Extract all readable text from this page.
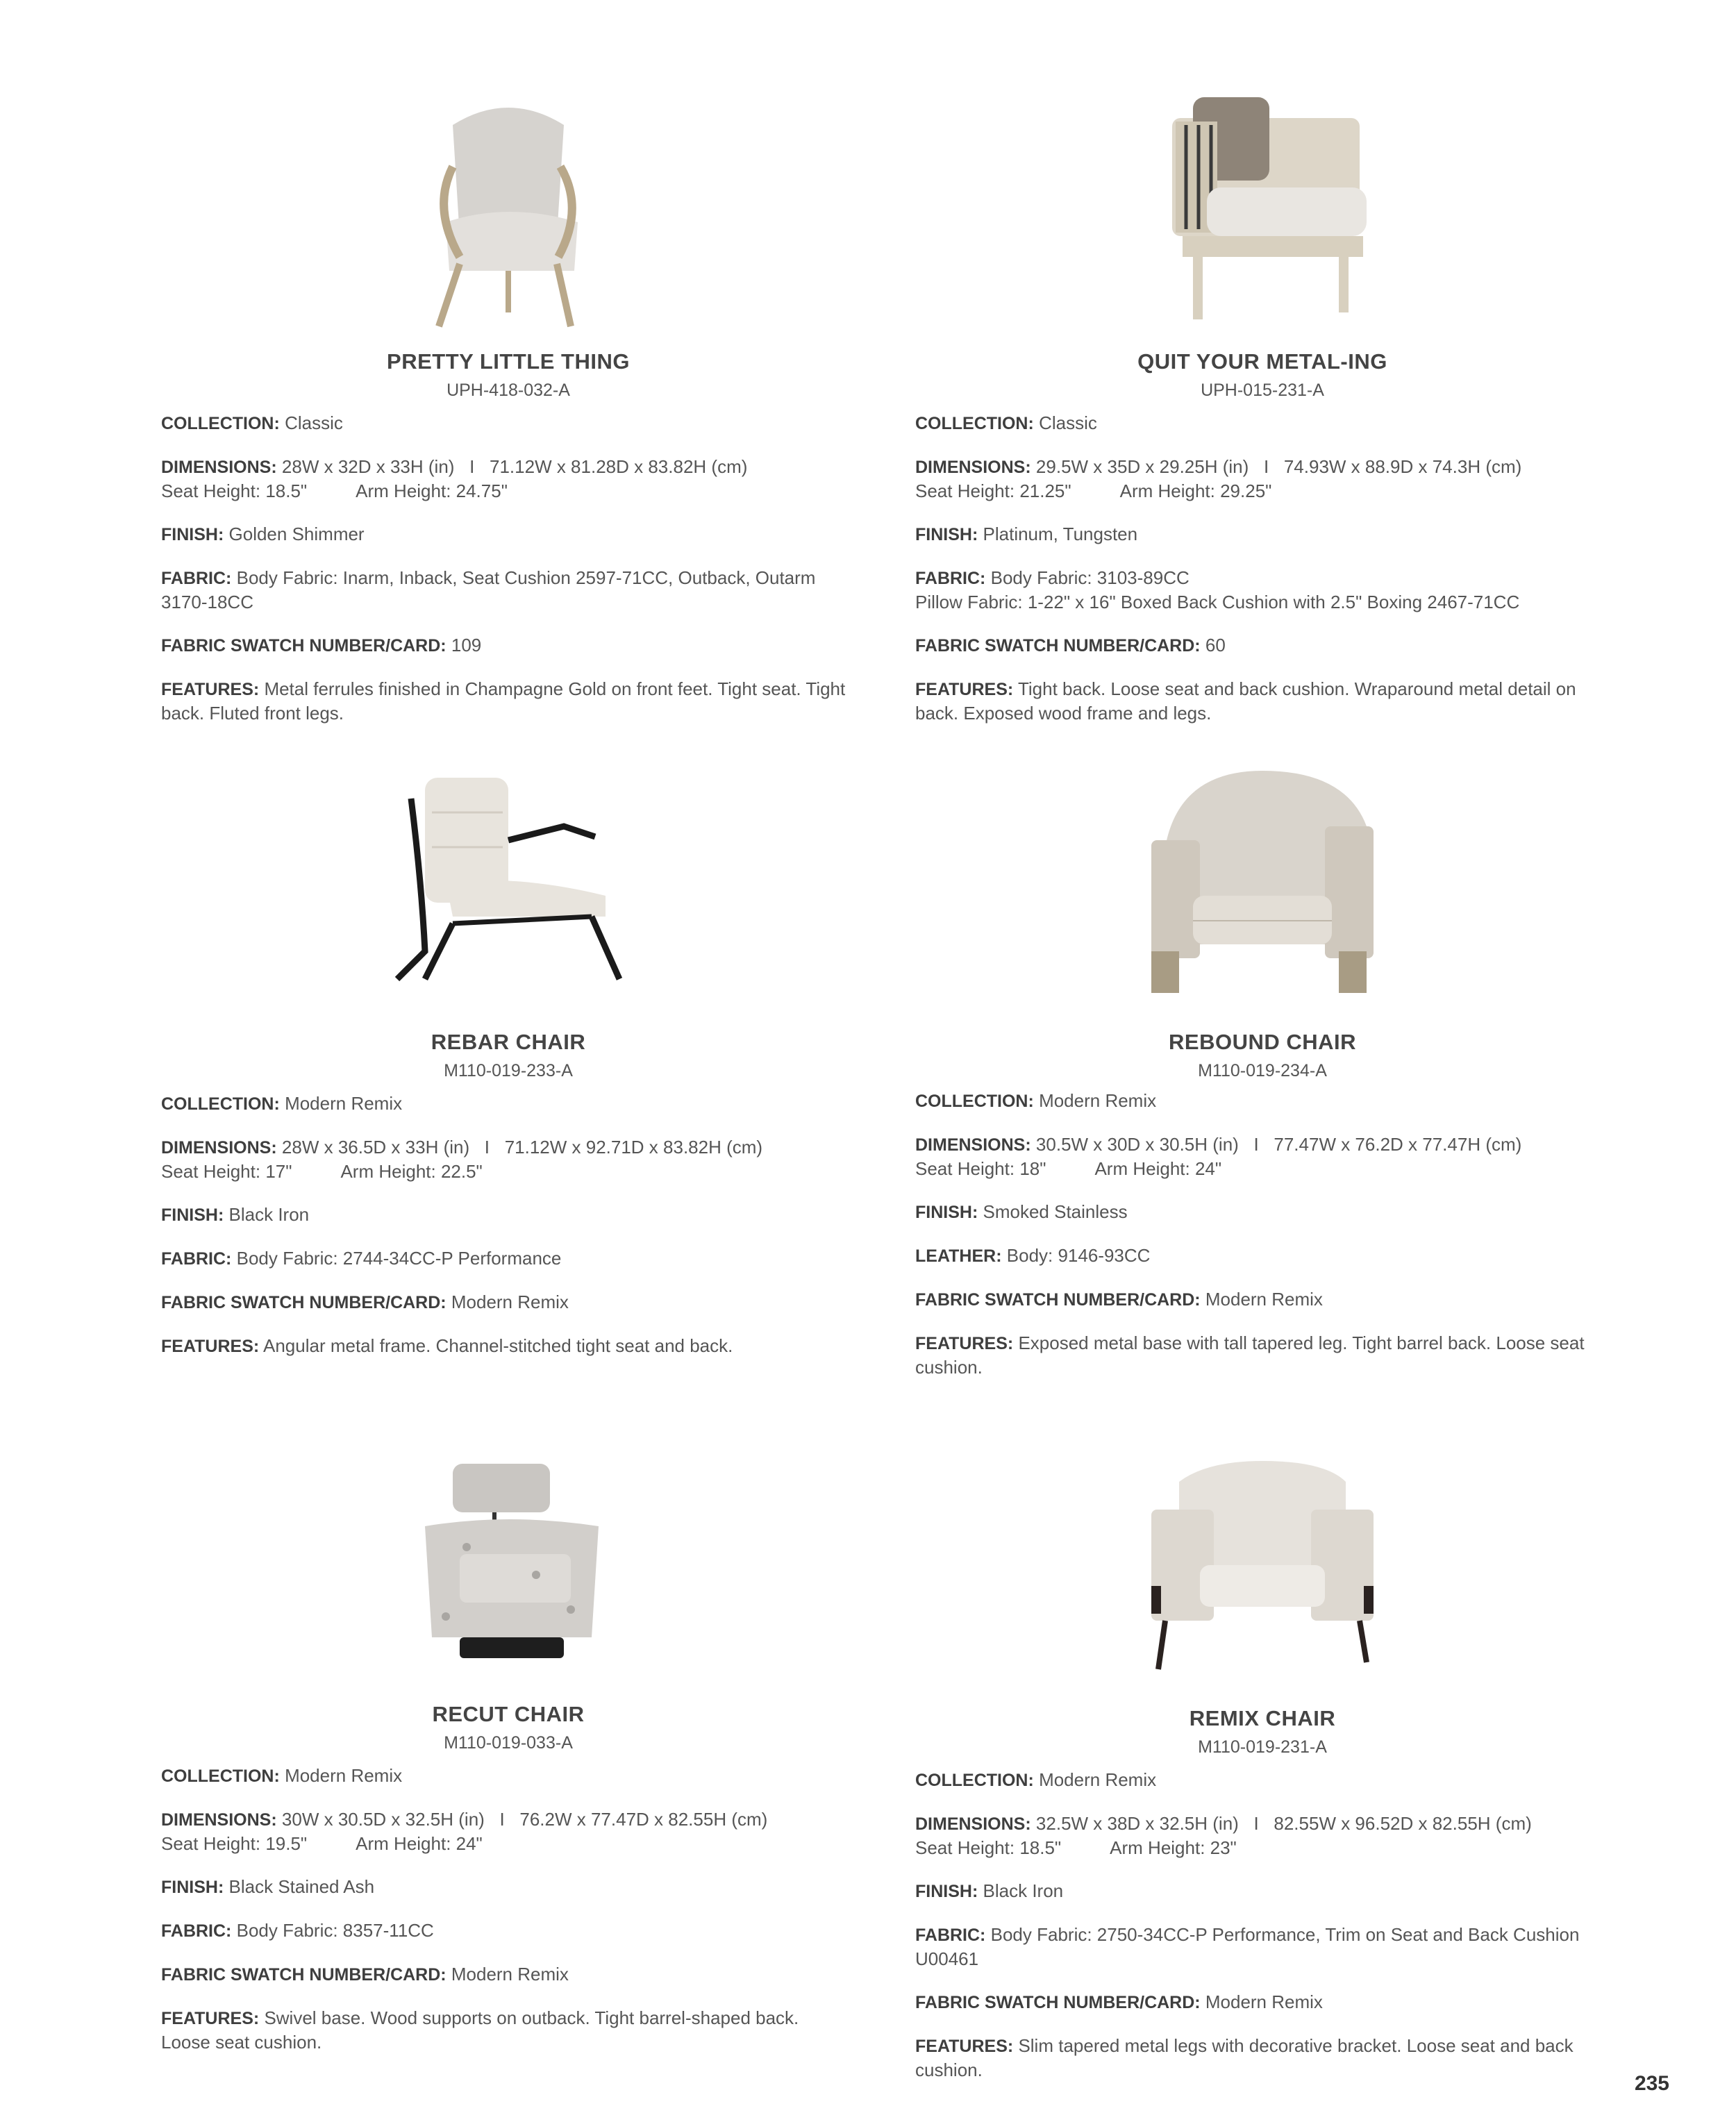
PRETTY LITTLE THING
UPH-418-032-A
COLLECTION: Classic
DIMENSIONS: 28W x 32D x 33H (in)   I   71.12W x 81.28D x 83.82H (cm)
Seat Height: 18.5"	Arm Height: 24.75"
FINISH: Golden Shimmer
FABRIC: Body Fabric: Inarm, Inback, Seat Cushion 2597-71CC, Outback, Outarm 3170-18CC
FABRIC SWATCH NUMBER/CARD: 109
FEATURES: Metal ferrules finished in Champagne Gold on front feet. Tight seat. Tight back. Fluted front legs.
QUIT YOUR METAL-ING
UPH-015-231-A
COLLECTION: Classic
DIMENSIONS: 29.5W x 35D x 29.25H (in)   I   74.93W x 88.9D x 74.3H (cm)
Seat Height: 21.25"	Arm Height: 29.25"
FINISH: Platinum, Tungsten
FABRIC: Body Fabric: 3103-89CC
Pillow Fabric: 1-22" x 16" Boxed Back Cushion with 2.5" Boxing 2467-71CC
FABRIC SWATCH NUMBER/CARD: 60
FEATURES: Tight back. Loose seat and back cushion. Wraparound metal detail on back. Exposed wood frame and legs.
REBAR CHAIR
M110-019-233-A
COLLECTION: Modern Remix
DIMENSIONS: 28W x 36.5D x 33H (in)   I   71.12W x 92.71D x 83.82H (cm)
Seat Height: 17"	Arm Height: 22.5"
FINISH: Black Iron
FABRIC: Body Fabric: 2744-34CC-P Performance
FABRIC SWATCH NUMBER/CARD: Modern Remix
FEATURES: Angular metal frame. Channel-stitched tight seat and back.
REBOUND CHAIR
M110-019-234-A
COLLECTION: Modern Remix
DIMENSIONS: 30.5W x 30D x 30.5H (in)   I   77.47W x 76.2D x 77.47H (cm)
Seat Height: 18"	Arm Height: 24"
FINISH: Smoked Stainless
LEATHER: Body: 9146-93CC
FABRIC SWATCH NUMBER/CARD: Modern Remix
FEATURES: Exposed metal base with tall tapered leg. Tight barrel back. Loose seat cushion.
RECUT CHAIR
M110-019-033-A
COLLECTION: Modern Remix
DIMENSIONS: 30W x 30.5D x 32.5H (in)   I   76.2W x 77.47D x 82.55H (cm)
Seat Height: 19.5"	Arm Height: 24"
FINISH: Black Stained Ash
FABRIC: Body Fabric: 8357-11CC
FABRIC SWATCH NUMBER/CARD: Modern Remix
FEATURES: Swivel base. Wood supports on outback. Tight barrel-shaped back. Loose seat cushion.
REMIX CHAIR
M110-019-231-A
COLLECTION: Modern Remix
DIMENSIONS: 32.5W x 38D x 32.5H (in)   I   82.55W x 96.52D x 82.55H (cm)
Seat Height: 18.5"	Arm Height: 23"
FINISH: Black Iron
FABRIC: Body Fabric: 2750-34CC-P Performance, Trim on Seat and Back Cushion U00461
FABRIC SWATCH NUMBER/CARD: Modern Remix
FEATURES: Slim tapered metal legs with decorative bracket. Loose seat and back cushion.
235
